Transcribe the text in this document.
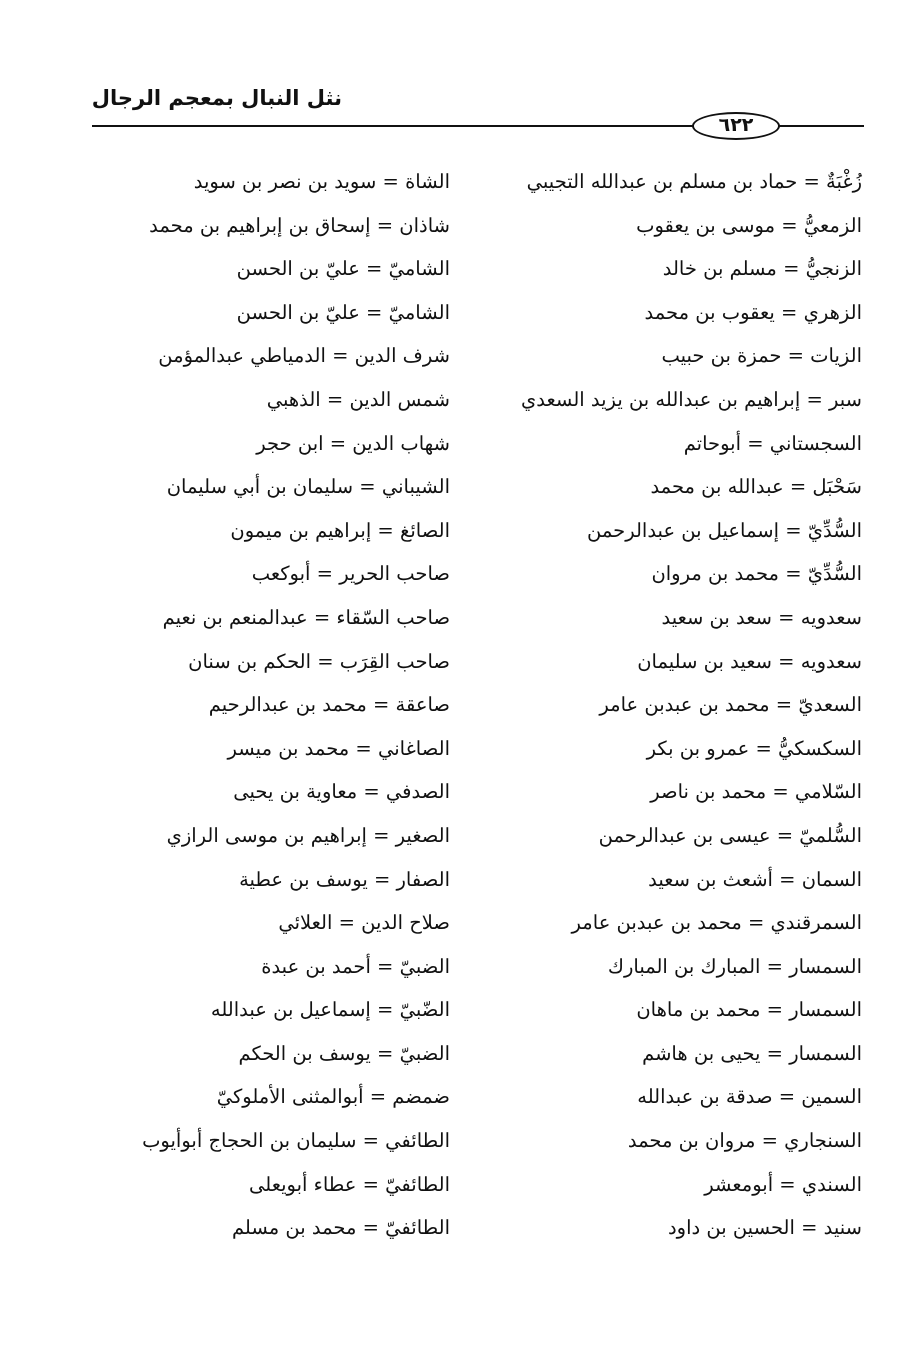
نثل النبال بمعجم الرجال
٦٢٢
زُغْبَةٌ = حماد بن مسلم بن عبدالله التجيبي
الزمعيُّ = موسى بن يعقوب
الزنجيُّ = مسلم بن خالد
الزهري = يعقوب بن محمد
الزيات = حمزة بن حبيب
سبر = إبراهيم بن عبدالله بن يزيد السعدي
السجستاني = أبوحاتم
سَحْبَل = عبدالله بن محمد
السُّدِّيّ = إسماعيل بن عبدالرحمن
السُّدِّيّ = محمد بن مروان
سعدويه = سعد بن سعيد
سعدويه = سعيد بن سليمان
السعديّ = محمد بن عبدبن عامر
السكسكيُّ = عمرو بن بكر
السّلامي = محمد بن ناصر
السُّلميّ = عيسى بن عبدالرحمن
السمان = أشعث بن سعيد
السمرقندي = محمد بن عبدبن عامر
السمسار = المبارك بن المبارك
السمسار = محمد بن ماهان
السمسار = يحيى بن هاشم
السمين = صدقة بن عبدالله
السنجاري = مروان بن محمد
السندي = أبومعشر
سنيد = الحسين بن داود
الشاة = سويد بن نصر بن سويد
شاذان = إسحاق بن إبراهيم بن محمد
الشاميّ = عليّ بن الحسن
الشاميّ = عليّ بن الحسن
شرف الدين = الدمياطي عبدالمؤمن
شمس الدين = الذهبي
شهاب الدين = ابن حجر
الشيباني = سليمان بن أبي سليمان
الصائغ = إبراهيم بن ميمون
صاحب الحرير = أبوكعب
صاحب السّقاء = عبدالمنعم بن نعيم
صاحب القِرَب = الحكم بن سنان
صاعقة = محمد بن عبدالرحيم
الصاغاني = محمد بن ميسر
الصدفي = معاوية بن يحيى
الصغير = إبراهيم بن موسى الرازي
الصفار = يوسف بن عطية
صلاح الدين = العلائي
الضبيّ = أحمد بن عبدة
الضّبيّ = إسماعيل بن عبدالله
الضبيّ = يوسف بن الحكم
ضمضم = أبوالمثنى الأملوكيّ
الطائفي = سليمان بن الحجاج أبوأيوب
الطائفيّ = عطاء أبويعلى
الطائفيّ = محمد بن مسلم
